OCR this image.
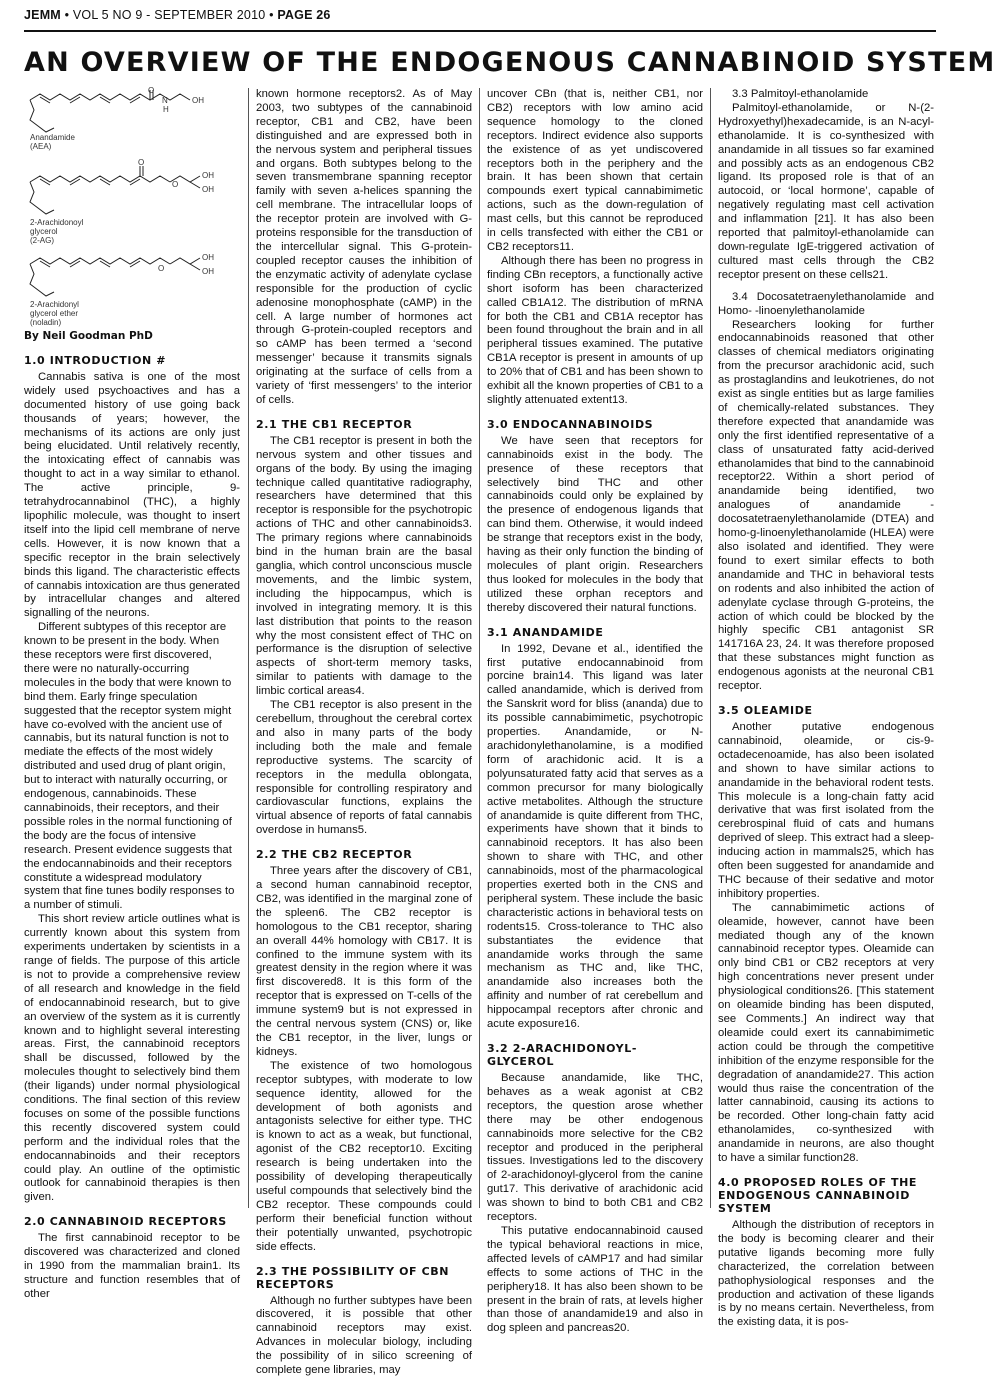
JEMM • VOL 5 NO 9 - SEPTEMBER 2010 • PAGE 26
AN OVERVIEW OF THE ENDOGENOUS CANNABINOID SYSTEM
O
N
H
OH
O
O
OH
OH
O
OH
OH
Anandamide
(AEA)
2-Arachidonoyl
glycerol
(2-AG)
2-Arachidonyl
glycerol ether
(noladin)
By Neil Goodman PhD
1.0 INTRODUCTION #

Cannabis sativa is one of the most widely used psychoactives and has a documented history of use going back thousands of years; however, the mechanisms of its actions are only just being elucidated. Until relatively recently, the intoxicating effect of cannabis was thought to act in a way similar to ethanol. The active principle, 9-tetrahydrocannabinol (THC), a highly lipophilic molecule, was thought to insert itself into the lipid cell membrane of nerve cells. However, it is now known that a specific receptor in the brain selectively binds this ligand. The characteristic effects of cannabis intoxication are thus generated by intracellular changes and altered signalling of the neurons.

Different subtypes of this receptor are known to be present in the body. When these receptors were first discovered, there were no naturally-occurring molecules in the body that were known to bind them. Early fringe speculation suggested that the receptor system might have co-evolved with the ancient use of cannabis, but its natural function is not to mediate the effects of the most widely distributed and used drug of plant origin, but to interact with naturally occurring, or endogenous, cannabinoids. These cannabinoids, their receptors, and their possible roles in the normal functioning of the body are the focus of intensive research. Present evidence suggests that the endocannabinoids and their receptors constitute a widespread modulatory system that fine tunes bodily responses to a number of stimuli.

This short review article outlines what is currently known about this system from experiments undertaken by scientists in a range of fields. The purpose of this article is not to provide a comprehensive review of all research and knowledge in the field of endocannabinoid research, but to give an overview of the system as it is currently known and to highlight several interesting areas. First, the cannabinoid receptors shall be discussed, followed by the molecules thought to selectively bind them (their ligands) under normal physiological conditions. The final section of this review focuses on some of the possible functions this recently discovered system could perform and the individual roles that the endocannabinoids and their receptors could play. An outline of the optimistic outlook for cannabinoid therapies is then given.

2.0 CANNABINOID RECEPTORS

The first cannabinoid receptor to be discovered was characterized and cloned in 1990 from the mammalian brain1. Its structure and function resembles that of other

known hormone receptors2. As of May 2003, two subtypes of the cannabinoid receptor, CB1 and CB2, have been distinguished and are expressed both in the nervous system and peripheral tissues and organs. Both subtypes belong to the seven transmembrane spanning receptor family with seven a-helices spanning the cell membrane. The intracellular loops of the receptor protein are involved with G-proteins responsible for the transduction of the intercellular signal. This G-protein-coupled receptor causes the inhibition of the enzymatic activity of adenylate cyclase responsible for the production of cyclic adenosine monophosphate (cAMP) in the cell. A large number of hormones act through G-protein-coupled receptors and so cAMP has been termed a ‘second messenger’ because it transmits signals originating at the surface of cells from a variety of ‘first messengers’ to the interior of cells.

2.1 THE CB1 RECEPTOR

The CB1 receptor is present in both the nervous system and other tissues and organs of the body. By using the imaging technique called quantitative radiography, researchers have determined that this receptor is responsible for the psychotropic actions of THC and other cannabinoids3. The primary regions where cannabinoids bind in the human brain are the basal ganglia, which control unconscious muscle movements, and the limbic system, including the hippocampus, which is involved in integrating memory. It is this last distribution that points to the reason why the most consistent effect of THC on performance is the disruption of selective aspects of short-term memory tasks, similar to patients with damage to the limbic cortical areas4.

The CB1 receptor is also present in the cerebellum, throughout the cerebral cortex and also in many parts of the body including both the male and female reproductive systems. The scarcity of receptors in the medulla oblongata, responsible for controlling respiratory and cardiovascular functions, explains the virtual absence of reports of fatal cannabis overdose in humans5.

2.2 THE CB2 RECEPTOR

Three years after the discovery of CB1, a second human cannabinoid receptor, CB2, was identified in the marginal zone of the spleen6. The CB2 receptor is homologous to the CB1 receptor, sharing an overall 44% homology with CB17. It is confined to the immune system with its greatest density in the region where it was first discovered8. It is this form of the receptor that is expressed on T-cells of the immune system9 but is not expressed in the central nervous system (CNS) or, like the CB1 receptor, in the liver, lungs or kidneys.

The existence of two homologous receptor subtypes, with moderate to low sequence identity, allowed for the development of both agonists and antagonists selective for either type. THC is known to act as a weak, but functional, agonist of the CB2 receptor10. Exciting research is being undertaken into the possibility of developing therapeutically useful compounds that selectively bind the CB2 receptor. These compounds could perform their beneficial function without their potentially unwanted, psychotropic side effects.

2.3 THE POSSIBILITY OF CBN RECEPTORS

Although no further subtypes have been discovered, it is possible that other cannabinoid receptors may exist. Advances in molecular biology, including the possibility of in silico screening of complete gene libraries, may

uncover CBn (that is, neither CB1, nor CB2) receptors with low amino acid sequence homology to the cloned receptors. Indirect evidence also supports the existence of as yet undiscovered receptors both in the periphery and the brain. It has been shown that certain compounds exert typical cannabimimetic actions, such as the down-regulation of mast cells, but this cannot be reproduced in cells transfected with either the CB1 or CB2 receptors11.

Although there has been no progress in finding CBn receptors, a functionally active short isoform has been characterized called CB1A12. The distribution of mRNA for both the CB1 and CB1A receptor has been found throughout the brain and in all peripheral tissues examined. The putative CB1A receptor is present in amounts of up to 20% that of CB1 and has been shown to exhibit all the known properties of CB1 to a slightly attenuated extent13.

3.0 ENDOCANNABINOIDS

We have seen that receptors for cannabinoids exist in the body. The presence of these receptors that selectively bind THC and other cannabinoids could only be explained by the presence of endogenous ligands that can bind them. Otherwise, it would indeed be strange that receptors exist in the body, having as their only function the binding of molecules of plant origin. Researchers thus looked for molecules in the body that utilized these orphan receptors and thereby discovered their natural functions.

3.1 ANANDAMIDE

In 1992, Devane et al., identified the first putative endocannabinoid from porcine brain14. This ligand was later called anandamide, which is derived from the Sanskrit word for bliss (ananda) due to its possible cannabimimetic, psychotropic properties. Anandamide, or N-arachidonylethanolamine, is a modified form of arachidonic acid. It is a polyunsaturated fatty acid that serves as a common precursor for many biologically active metabolites. Although the structure of anandamide is quite different from THC, experiments have shown that it binds to cannabinoid receptors. It has also been shown to share with THC, and other cannabinoids, most of the pharmacological properties exerted both in the CNS and peripheral system. These include the basic characteristic actions in behavioral tests on rodents15. Cross-tolerance to THC also substantiates the evidence that anandamide works through the same mechanism as THC and, like THC, anandamide also increases both the affinity and number of rat cerebellum and hippocampal receptors after chronic and acute exposure16.

3.2 2-ARACHIDONOYL-GLYCEROL

Because anandamide, like THC, behaves as a weak agonist at CB2 receptors, the question arose whether there may be other endogenous cannabinoids more selective for the CB2 receptor and produced in the peripheral tissues. Investigations led to the discovery of 2-arachidonoyl-glycerol from the canine gut17. This derivative of arachidonic acid was shown to bind to both CB1 and CB2 receptors.

This putative endocannabinoid caused the typical behavioral reactions in mice, affected levels of cAMP17 and had similar effects to some actions of THC in the periphery18. It has also been shown to be present in the brain of rats, at levels higher than those of anandamide19 and also in dog spleen and pancreas20.

3.3 Palmitoyl-ethanolamide

Palmitoyl-ethanolamide, or N-(2-Hydroxyethyl)hexadecamide, is an N-acyl-ethanolamide. It is co-synthesized with anandamide in all tissues so far examined and possibly acts as an endogenous CB2 ligand. Its proposed role is that of an autocoid, or ‘local hormone’, capable of negatively regulating mast cell activation and inflammation [21]. It has also been reported that palmitoyl-ethanolamide can down-regulate IgE-triggered activation of cultured mast cells through the CB2 receptor present on these cells21.

3.4 Docosatetraenylethanolamide and Homo- -linoenylethanolamide

Researchers looking for further endocannabinoids reasoned that other classes of chemical mediators originating from the precursor arachidonic acid, such as prostaglandins and leukotrienes, do not exist as single entities but as large families of chemically-related substances. They therefore expected that anandamide was only the first identified representative of a class of unsaturated fatty acid-derived ethanolamides that bind to the cannabinoid receptor22. Within a short period of anandamide being identified, two analogues of anandamide - docosatetraenylethanolamide (DTEA) and homo-g-linoenylethanolamide (HLEA) were also isolated and identified. They were found to exert similar effects to both anandamide and THC in behavioral tests on rodents and also inhibited the action of adenylate cyclase through G-proteins, the action of which could be blocked by the highly specific CB1 antagonist SR 141716A 23, 24. It was therefore proposed that these substances might function as endogenous agonists at the neuronal CB1 receptor.

3.5 OLEAMIDE

Another putative endogenous cannabinoid, oleamide, or cis-9-octadecenoamide, has also been isolated and shown to have similar actions to anandamide in the behavioral rodent tests. This molecule is a long-chain fatty acid derivative that was first isolated from the cerebrospinal fluid of cats and humans deprived of sleep. This extract had a sleep-inducing action in mammals25, which has often been suggested for anandamide and THC because of their sedative and motor inhibitory properties.

The cannabimimetic actions of oleamide, however, cannot have been mediated though any of the known cannabinoid receptor types. Oleamide can only bind CB1 or CB2 receptors at very high concentrations never present under physiological conditions26. [This statement on oleamide binding has been disputed, see Comments.] An indirect way that oleamide could exert its cannabimimetic action could be through the competitive inhibition of the enzyme responsible for the degradation of anandamide27. This action would thus raise the concentration of the latter cannabinoid, causing its actions to be recorded. Other long-chain fatty acid ethanolamides, co-synthesized with anandamide in neurons, are also thought to have a similar function28.

4.0 PROPOSED ROLES OF THE ENDOGENOUS CANNABINOID SYSTEM

Although the distribution of receptors in the body is becoming clearer and their putative ligands becoming more fully characterized, the correlation between pathophysiological responses and the production and activation of these ligands is by no means certain. Nevertheless, from the existing data, it is pos-
